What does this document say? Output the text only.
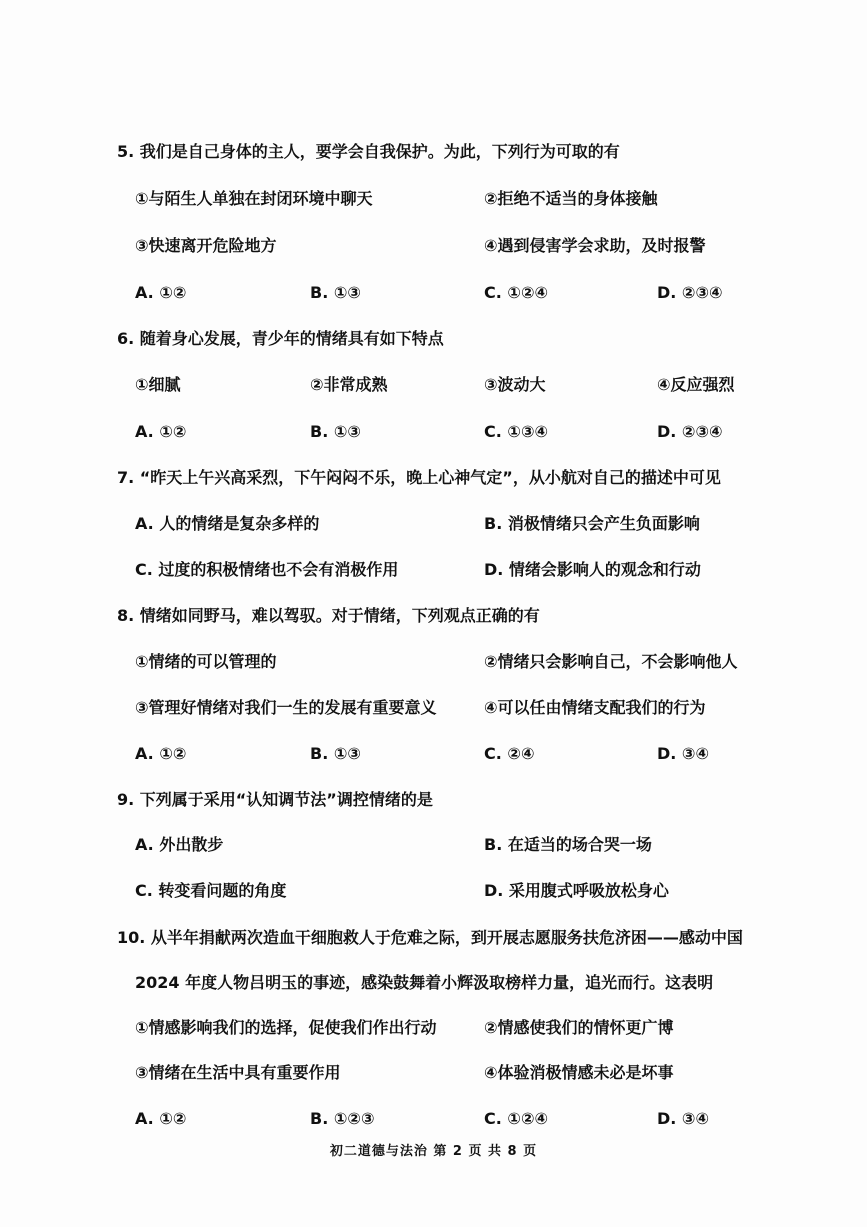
5. 我们是自己身体的主人，要学会自我保护。为此，下列行为可取的有
①与陌生人单独在封闭环境中聊天	②拒绝不适当的身体接触
③快速离开危险地方	④遇到侵害学会求助，及时报警
A. ①②	B. ①③	C. ①②④	D. ②③④
6. 随着身心发展，青少年的情绪具有如下特点
①细腻	②非常成熟	③波动大	④反应强烈
A. ①②	B. ①③	C. ①③④	D. ②③④
7. “昨天上午兴高采烈，下午闷闷不乐，晚上心神气定”，从小航对自己的描述中可见
A. 人的情绪是复杂多样的	B. 消极情绪只会产生负面影响
C. 过度的积极情绪也不会有消极作用	D. 情绪会影响人的观念和行动
8. 情绪如同野马，难以驾驭。对于情绪，下列观点正确的有
①情绪的可以管理的	②情绪只会影响自己，不会影响他人
③管理好情绪对我们一生的发展有重要意义	④可以任由情绪支配我们的行为
A. ①②	B. ①③	C. ②④	D. ③④
9. 下列属于采用“认知调节法”调控情绪的是
A. 外出散步	B. 在适当的场合哭一场
C. 转变看问题的角度	D. 采用腹式呼吸放松身心
10. 从半年捐献两次造血干细胞救人于危难之际，到开展志愿服务扶危济困——感动中国
2024 年度人物吕明玉的事迹，感染鼓舞着小辉汲取榜样力量，追光而行。这表明
①情感影响我们的选择，促使我们作出行动	②情感使我们的情怀更广博
③情绪在生活中具有重要作用	④体验消极情感未必是坏事
A. ①②	B. ①②③	C. ①②④	D. ③④
初二道德与法治 第 2 页 共 8 页
